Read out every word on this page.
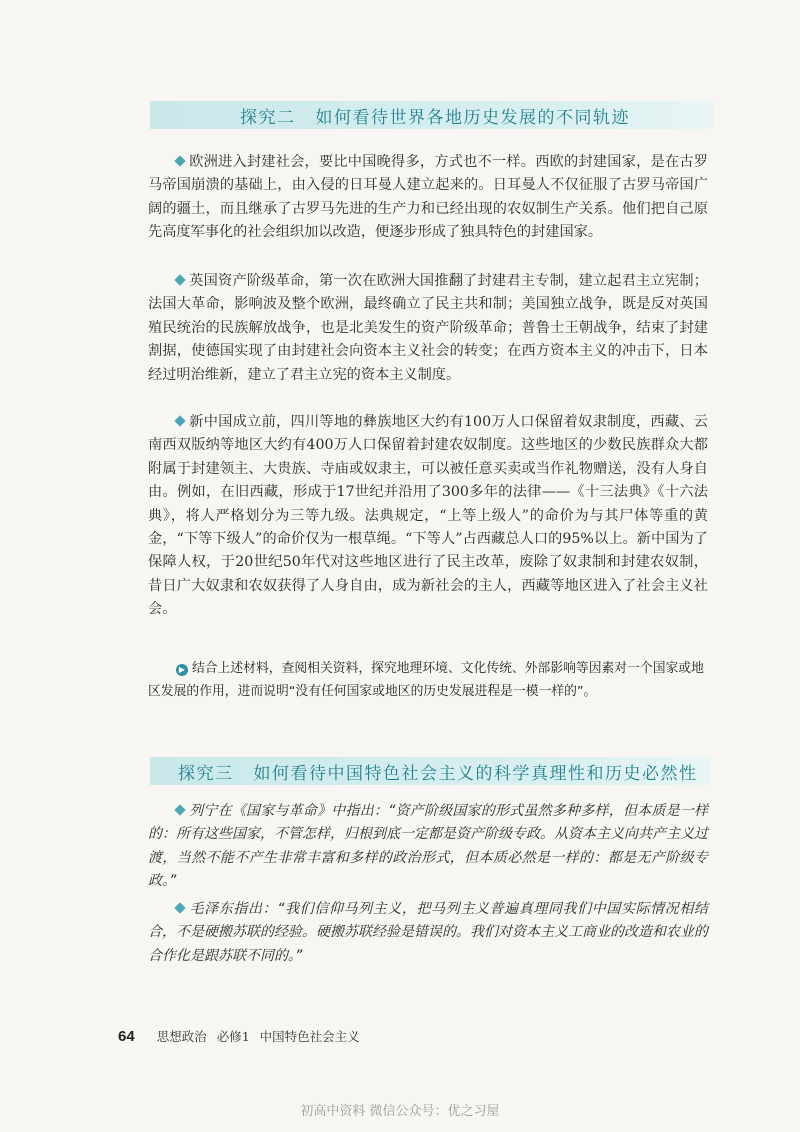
探究二 如何看待世界各地历史发展的不同轨迹
欧洲进入封建社会，要比中国晚得多，方式也不一样。西欧的封建国家，是在古罗马帝国崩溃的基础上，由入侵的日耳曼人建立起来的。日耳曼人不仅征服了古罗马帝国广阔的疆土，而且继承了古罗马先进的生产力和已经出现的农奴制生产关系。他们把自己原先高度军事化的社会组织加以改造，便逐步形成了独具特色的封建国家。
英国资产阶级革命，第一次在欧洲大国推翻了封建君主专制，建立起君主立宪制；法国大革命，影响波及整个欧洲，最终确立了民主共和制；美国独立战争，既是反对英国殖民统治的民族解放战争，也是北美发生的资产阶级革命；普鲁士王朝战争，结束了封建割据，使德国实现了由封建社会向资本主义社会的转变；在西方资本主义的冲击下，日本经过明治维新，建立了君主立宪的资本主义制度。
新中国成立前，四川等地的彝族地区大约有100万人口保留着奴隶制度，西藏、云南西双版纳等地区大约有400万人口保留着封建农奴制度。这些地区的少数民族群众大都附属于封建领主、大贵族、寺庙或奴隶主，可以被任意买卖或当作礼物赠送，没有人身自由。例如，在旧西藏，形成于17世纪并沿用了300多年的法律——《十三法典》《十六法典》，将人严格划分为三等九级。法典规定，“上等上级人”的命价为与其尸体等重的黄金，“下等下级人”的命价仅为一根草绳。“下等人”占西藏总人口的95%以上。新中国为了保障人权，于20世纪50年代对这些地区进行了民主改革，废除了奴隶制和封建农奴制，昔日广大奴隶和农奴获得了人身自由，成为新社会的主人，西藏等地区进入了社会主义社会。
▶ 结合上述材料，查阅相关资料，探究地理环境、文化传统、外部影响等因素对一个国家或地区发展的作用，进而说明“没有任何国家或地区的历史发展进程是一模一样的”。
探究三 如何看待中国特色社会主义的科学真理性和历史必然性
列宁在《国家与革命》中指出：“资产阶级国家的形式虽然多种多样，但本质是一样的：所有这些国家，不管怎样，归根到底一定都是资产阶级专政。从资本主义向共产主义过渡，当然不能不产生非常丰富和多样的政治形式，但本质必然是一样的：都是无产阶级专政。”
毛泽东指出：“我们信仰马列主义，把马列主义普遍真理同我们中国实际情况相结合，不是硬搬苏联的经验。硬搬苏联经验是错误的。我们对资本主义工商业的改造和农业的合作化是跟苏联不同的。”
64 思想政治 必修1 中国特色社会主义
初高中资料 微信公众号：优之习屋
